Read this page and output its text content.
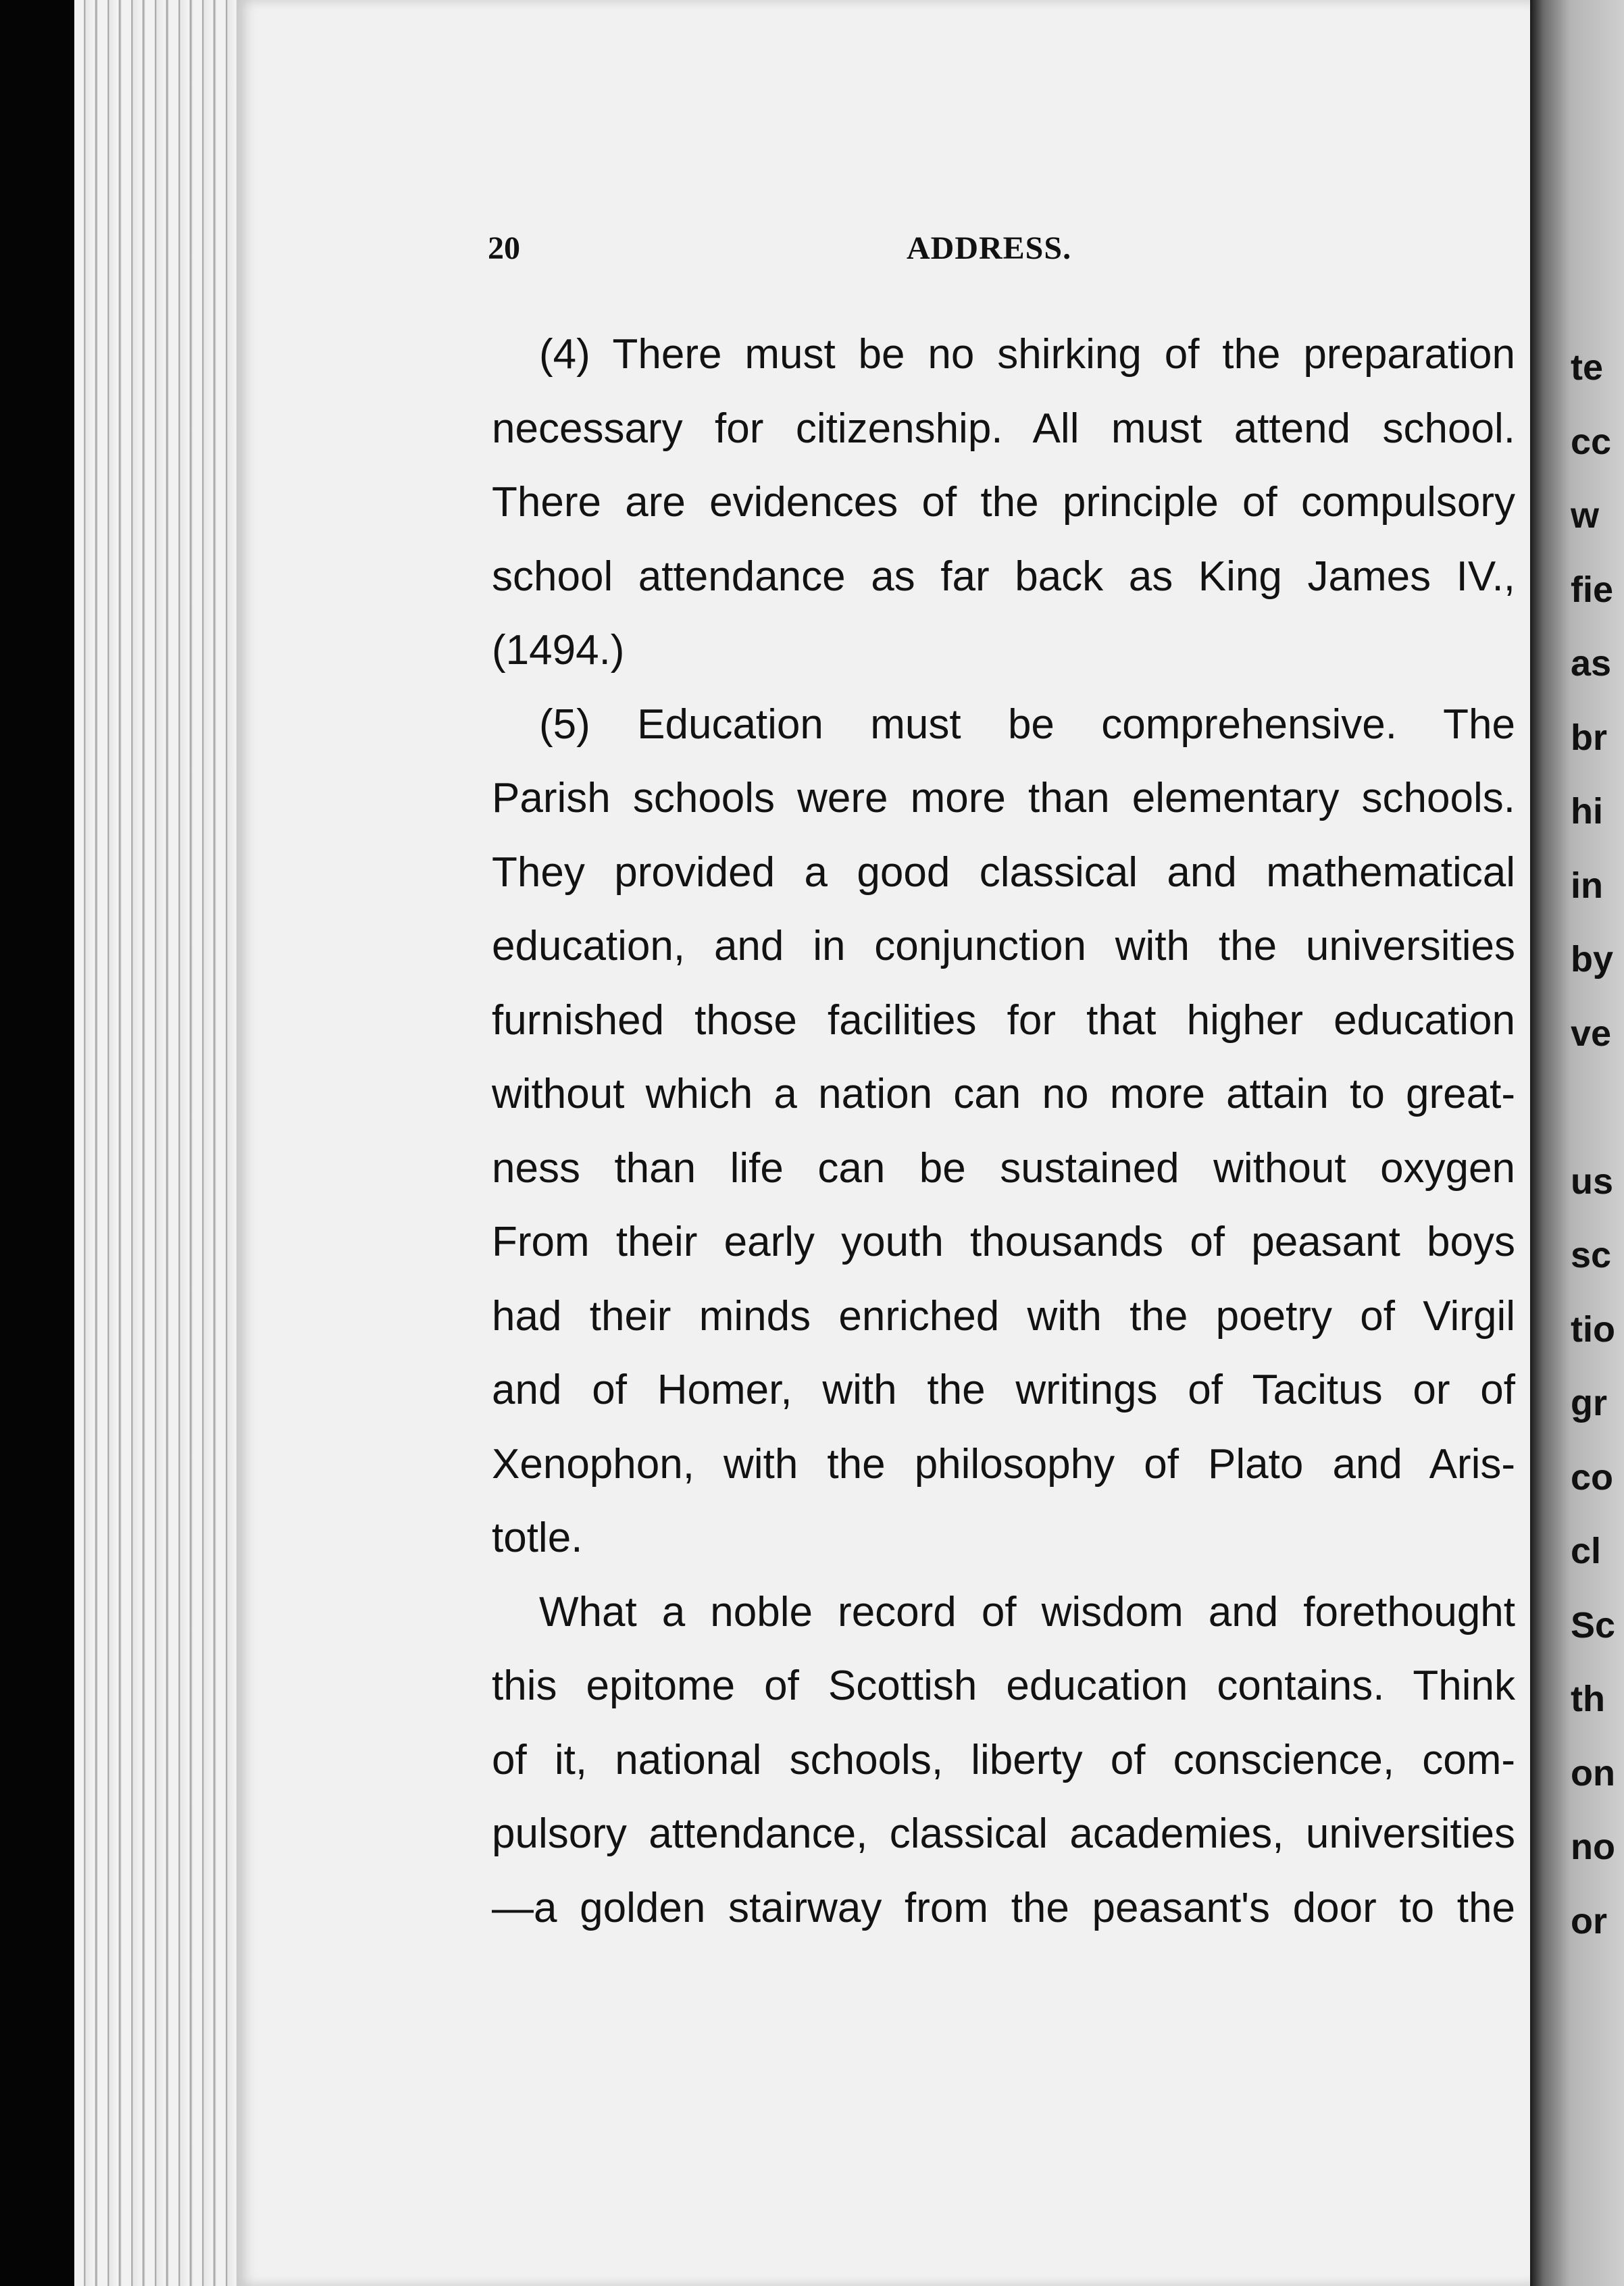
20	ADDRESS.
(4) There must be no shirking of the preparation
necessary for citizenship. All must attend school.
There are evidences of the principle of compulsory
school attendance as far back as King James IV.,
(1494.)
(5) Education must be comprehensive. The
Parish schools were more than elementary schools.
They provided a good classical and mathematical
education, and in conjunction with the universities
furnished those facilities for that higher education
without which a nation can no more attain to great-
ness than life can be sustained without oxygen
From their early youth thousands of peasant boys
had their minds enriched with the poetry of Virgil
and of Homer, with the writings of Tacitus or of
Xenophon, with the philosophy of Plato and Aris-
totle.
What a noble record of wisdom and forethought
this epitome of Scottish education contains. Think
of it, national schools, liberty of conscience, com-
pulsory attendance, classical academies, universities
—a golden stairway from the peasant's door to the
te
cc
w
fie
as
br
hi
in
by
ve
us
sc
tio
gr
co
cl
Sc
th
on
no
or
